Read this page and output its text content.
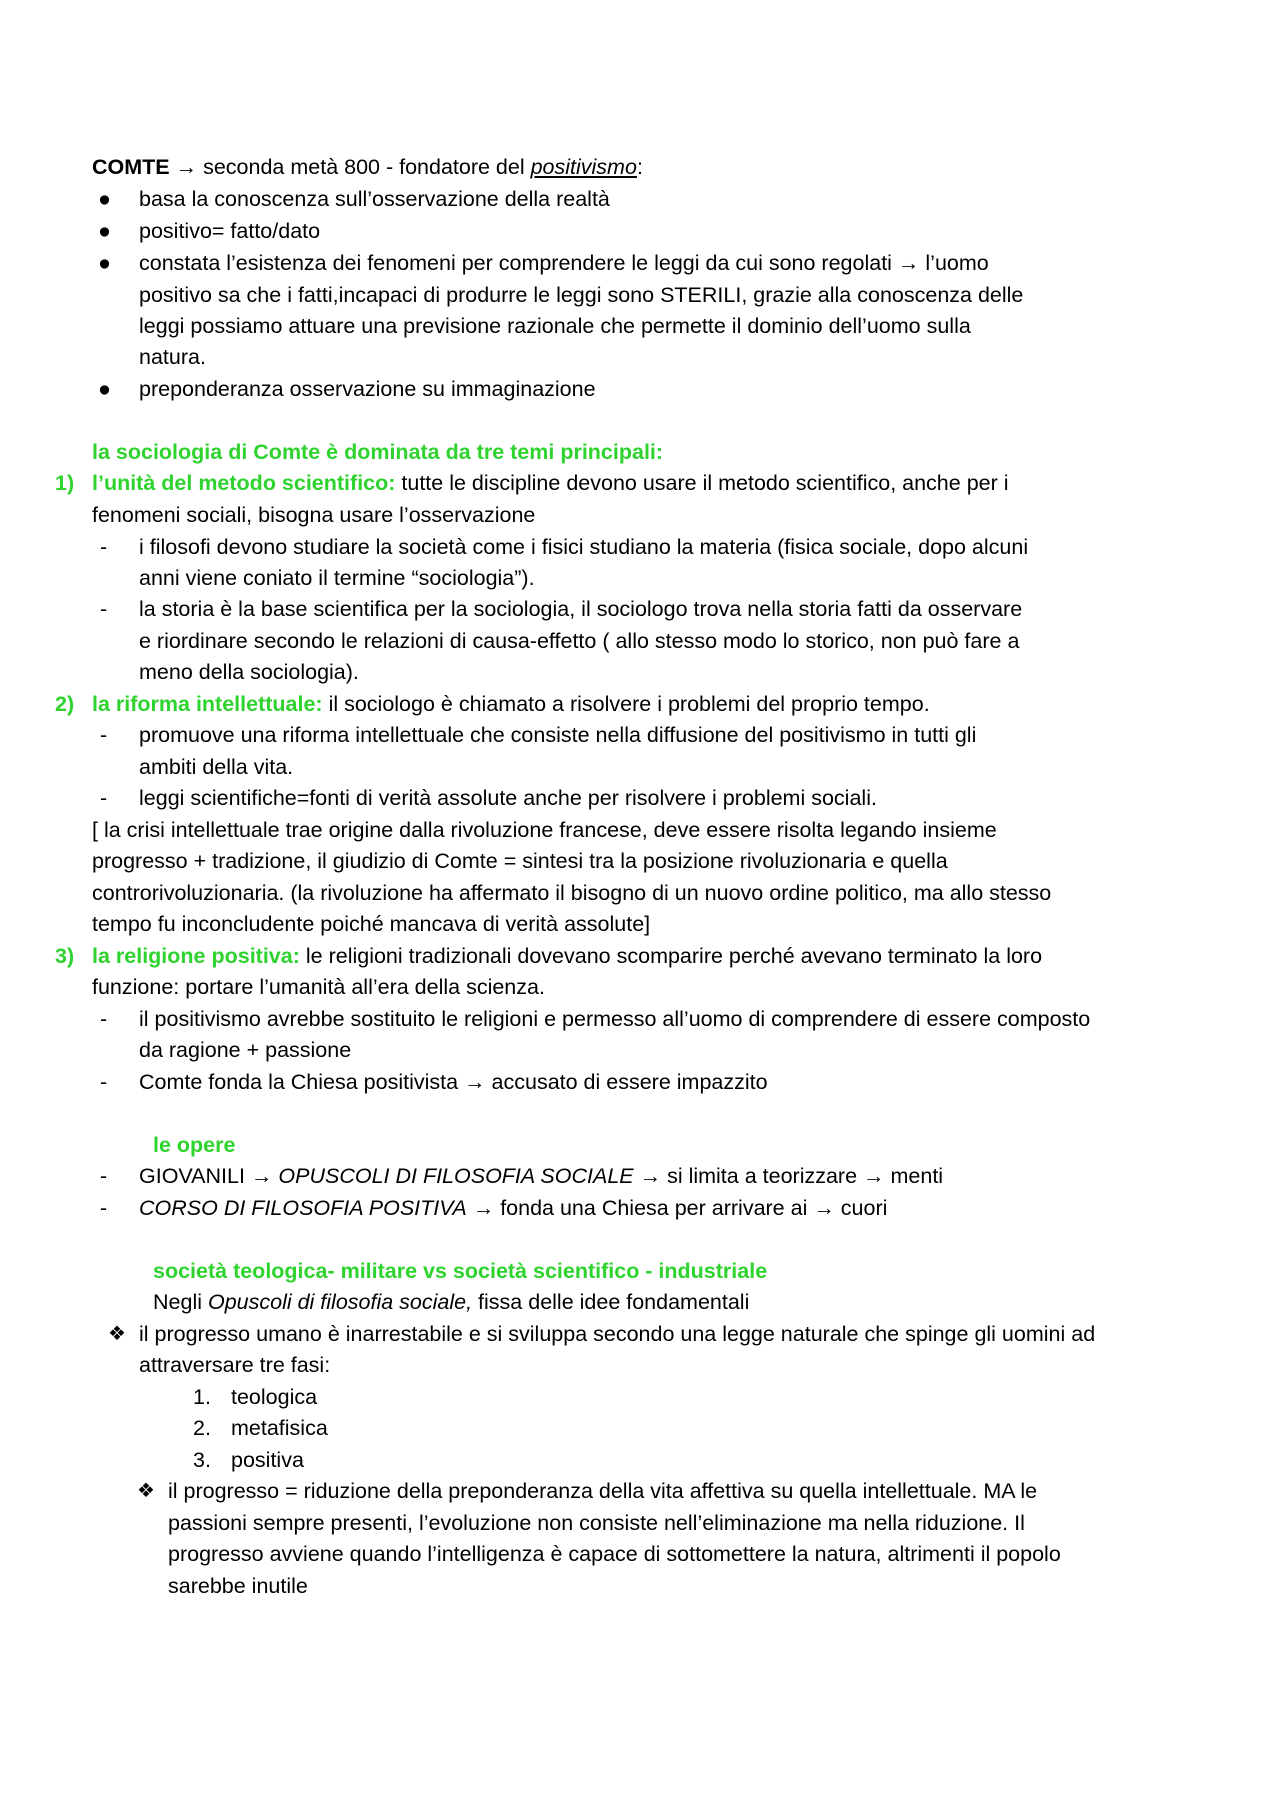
COMTE → seconda metà 800 - fondatore del positivismo:
● basa la conoscenza sull’osservazione della realtà
● positivo= fatto/dato
● constata l’esistenza dei fenomeni per comprendere le leggi da cui sono regolati → l’uomo
positivo sa che i fatti,incapaci di produrre le leggi sono STERILI, grazie alla conoscenza delle
leggi possiamo attuare una previsione razionale che permette il dominio dell’uomo sulla
natura.
● preponderanza osservazione su immaginazione
la sociologia di Comte è dominata da tre temi principali:
1) l’unità del metodo scientifico: tutte le discipline devono usare il metodo scientifico, anche per i
fenomeni sociali, bisogna usare l’osservazione
- i filosofi devono studiare la società come i fisici studiano la materia (fisica sociale, dopo alcuni
anni viene coniato il termine “sociologia”).
- la storia è la base scientifica per la sociologia, il sociologo trova nella storia fatti da osservare
e riordinare secondo le relazioni di causa-effetto ( allo stesso modo lo storico, non può fare a
meno della sociologia).
2) la riforma intellettuale: il sociologo è chiamato a risolvere i problemi del proprio tempo.
- promuove una riforma intellettuale che consiste nella diffusione del positivismo in tutti gli
ambiti della vita.
- leggi scientifiche=fonti di verità assolute anche per risolvere i problemi sociali.
[ la crisi intellettuale trae origine dalla rivoluzione francese, deve essere risolta legando insieme
progresso + tradizione, il giudizio di Comte = sintesi tra la posizione rivoluzionaria e quella
controrivoluzionaria. (la rivoluzione ha affermato il bisogno di un nuovo ordine politico, ma allo stesso
tempo fu inconcludente poiché mancava di verità assolute]
3) la religione positiva: le religioni tradizionali dovevano scomparire perché avevano terminato la loro
funzione: portare l’umanità all’era della scienza.
- il positivismo avrebbe sostituito le religioni e permesso all’uomo di comprendere di essere composto
da ragione + passione
- Comte fonda la Chiesa positivista → accusato di essere impazzito
le opere
- GIOVANILI → OPUSCOLI DI FILOSOFIA SOCIALE → si limita a teorizzare → menti
- CORSO DI FILOSOFIA POSITIVA → fonda una Chiesa per arrivare ai → cuori
società teologica- militare vs società scientifico - industriale
Negli Opuscoli di filosofia sociale, fissa delle idee fondamentali
❖ il progresso umano è inarrestabile e si sviluppa secondo una legge naturale che spinge gli uomini ad
attraversare tre fasi:
1. teologica
2. metafisica
3. positiva
❖ il progresso = riduzione della preponderanza della vita affettiva su quella intellettuale. MA le
passioni sempre presenti, l’evoluzione non consiste nell’eliminazione ma nella riduzione. Il
progresso avviene quando l’intelligenza è capace di sottomettere la natura, altrimenti il popolo
sarebbe inutile
